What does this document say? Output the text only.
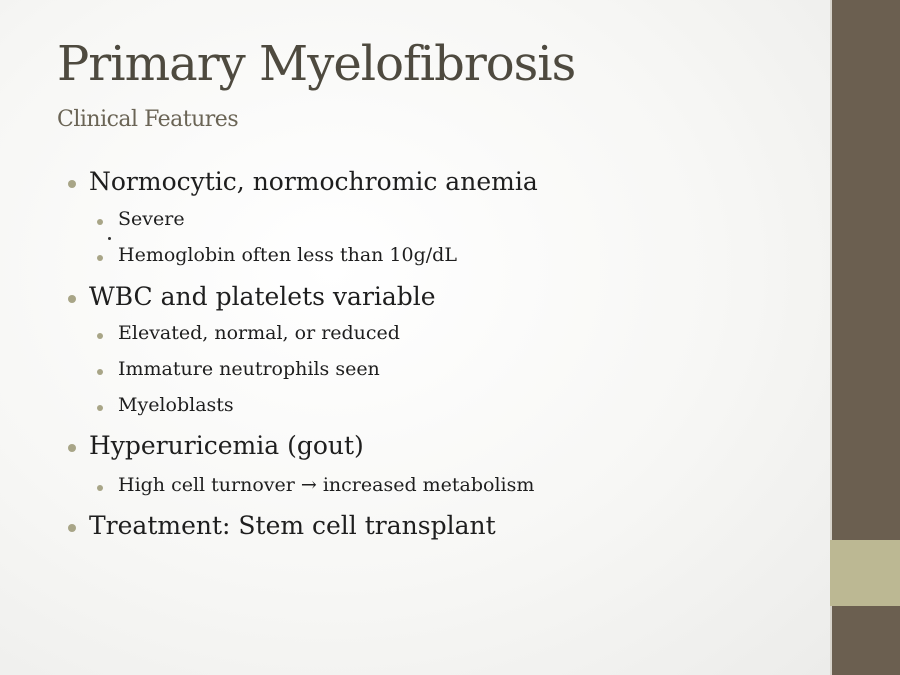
Primary Myelofibrosis
Clinical Features
Normocytic, normochromic anemia
Severe
Hemoglobin often less than 10g/dL
WBC and platelets variable
Elevated, normal, or reduced
Immature neutrophils seen
Myeloblasts
Hyperuricemia (gout)
High cell turnover → increased metabolism
Treatment: Stem cell transplant
